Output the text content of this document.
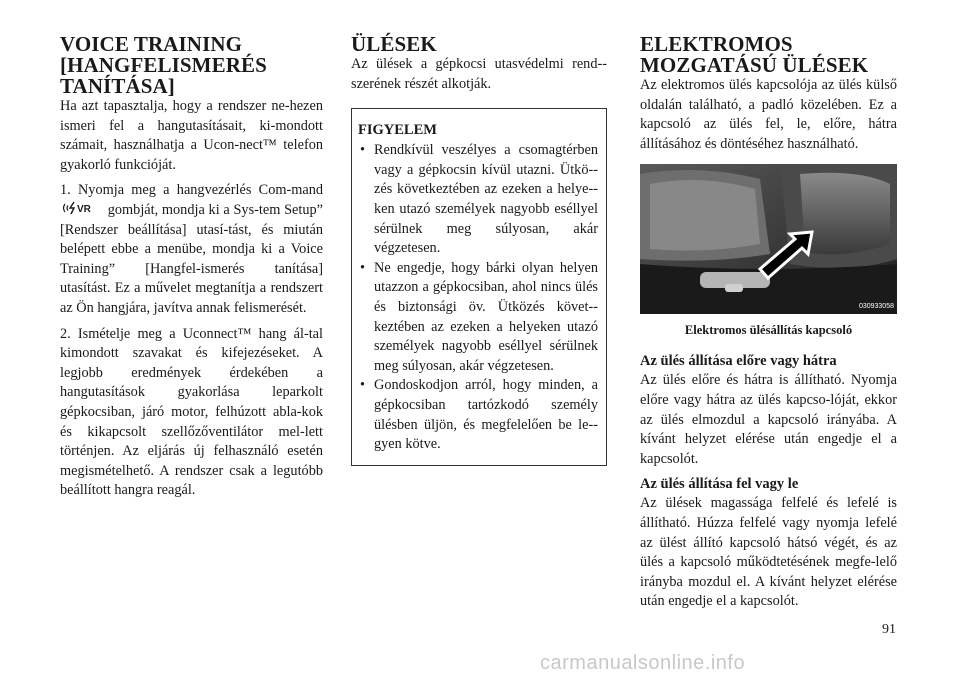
VOICE TRAINING
[HANGFELISMERÉS
TANÍTÁSA]

Ha azt tapasztalja, hogy a rendszer ne-hezen ismeri fel a hangutasításait, ki-mondott számait, használhatja a Ucon-nect™ telefon gyakorló funkcióját.

1. Nyomja meg a hangvezérlés Com-mand
VR gombját, mondja ki a Sys-tem Setup” [Rendszer beállítása] utasí-tást, és miután belépett ebbe a menübe, mondja ki a Voice Training” [Hangfel-ismerés tanítása] utasítást. Ez a művelet megtanítja a rendszert az Ön hangjára, javítva annak felismerését.

2. Ismételje meg a Uconnect™ hang ál-tal kimondott szavakat és kifejezéseket. A legjobb eredmények érdekében a hangutasítások gyakorlása leparkolt gépkocsiban, járó motor, felhúzott abla-kok és kikapcsolt szellőzőventilátor mel-lett történjen. Az eljárás új felhasználó esetén megismételhető. A rendszer csak a legutóbb beállított hangra reagál.

ÜLÉSEK

Az ülések a gépkocsi utasvédelmi rend-szerének részét alkotják.

FIGYELEM
• Rendkívül veszélyes a csomagtérben vagy a gépkocsin kívül utazni. Ütkö-zés következtében az ezeken a helye-ken utazó személyek nagyobb eséllyel sérülnek meg súlyosan, akár végzetesen.
• Ne engedje, hogy bárki olyan helyen utazzon a gépkocsiban, ahol nincs ülés és biztonsági öv. Ütközés követ-keztében az ezeken a helyeken utazó személyek nagyobb eséllyel sérülnek meg súlyosan, akár végzetesen.
• Gondoskodjon arról, hogy minden, a gépkocsiban tartózkodó személy ülésben üljön, és megfelelően be le-gyen kötve.
ELEKTROMOS
MOZGATÁSÚ ÜLÉSEK

Az elektromos ülés kapcsolója az ülés külső oldalán található, a padló közelében. Ez a kapcsoló az ülés fel, le, előre, hátra állításához és döntéséhez használható.

030933058
Elektromos ülésállítás kapcsoló
Az ülés állítása előre vagy hátra

Az ülés előre és hátra is állítható. Nyomja előre vagy hátra az ülés kapcso-lóját, ekkor az ülés elmozdul a kapcsoló irányába. A kívánt helyzet elérése után engedje el a kapcsolót.

Az ülés állítása fel vagy le

Az ülések magassága felfelé és lefelé is állítható. Húzza felfelé vagy nyomja lefelé az ülést állító kapcsoló hátsó végét, és az ülés a kapcsoló működtetésének megfe-lelő irányba mozdul el. A kívánt helyzet elérése után engedje el a kapcsolót.

91
carmanualsonline.info
